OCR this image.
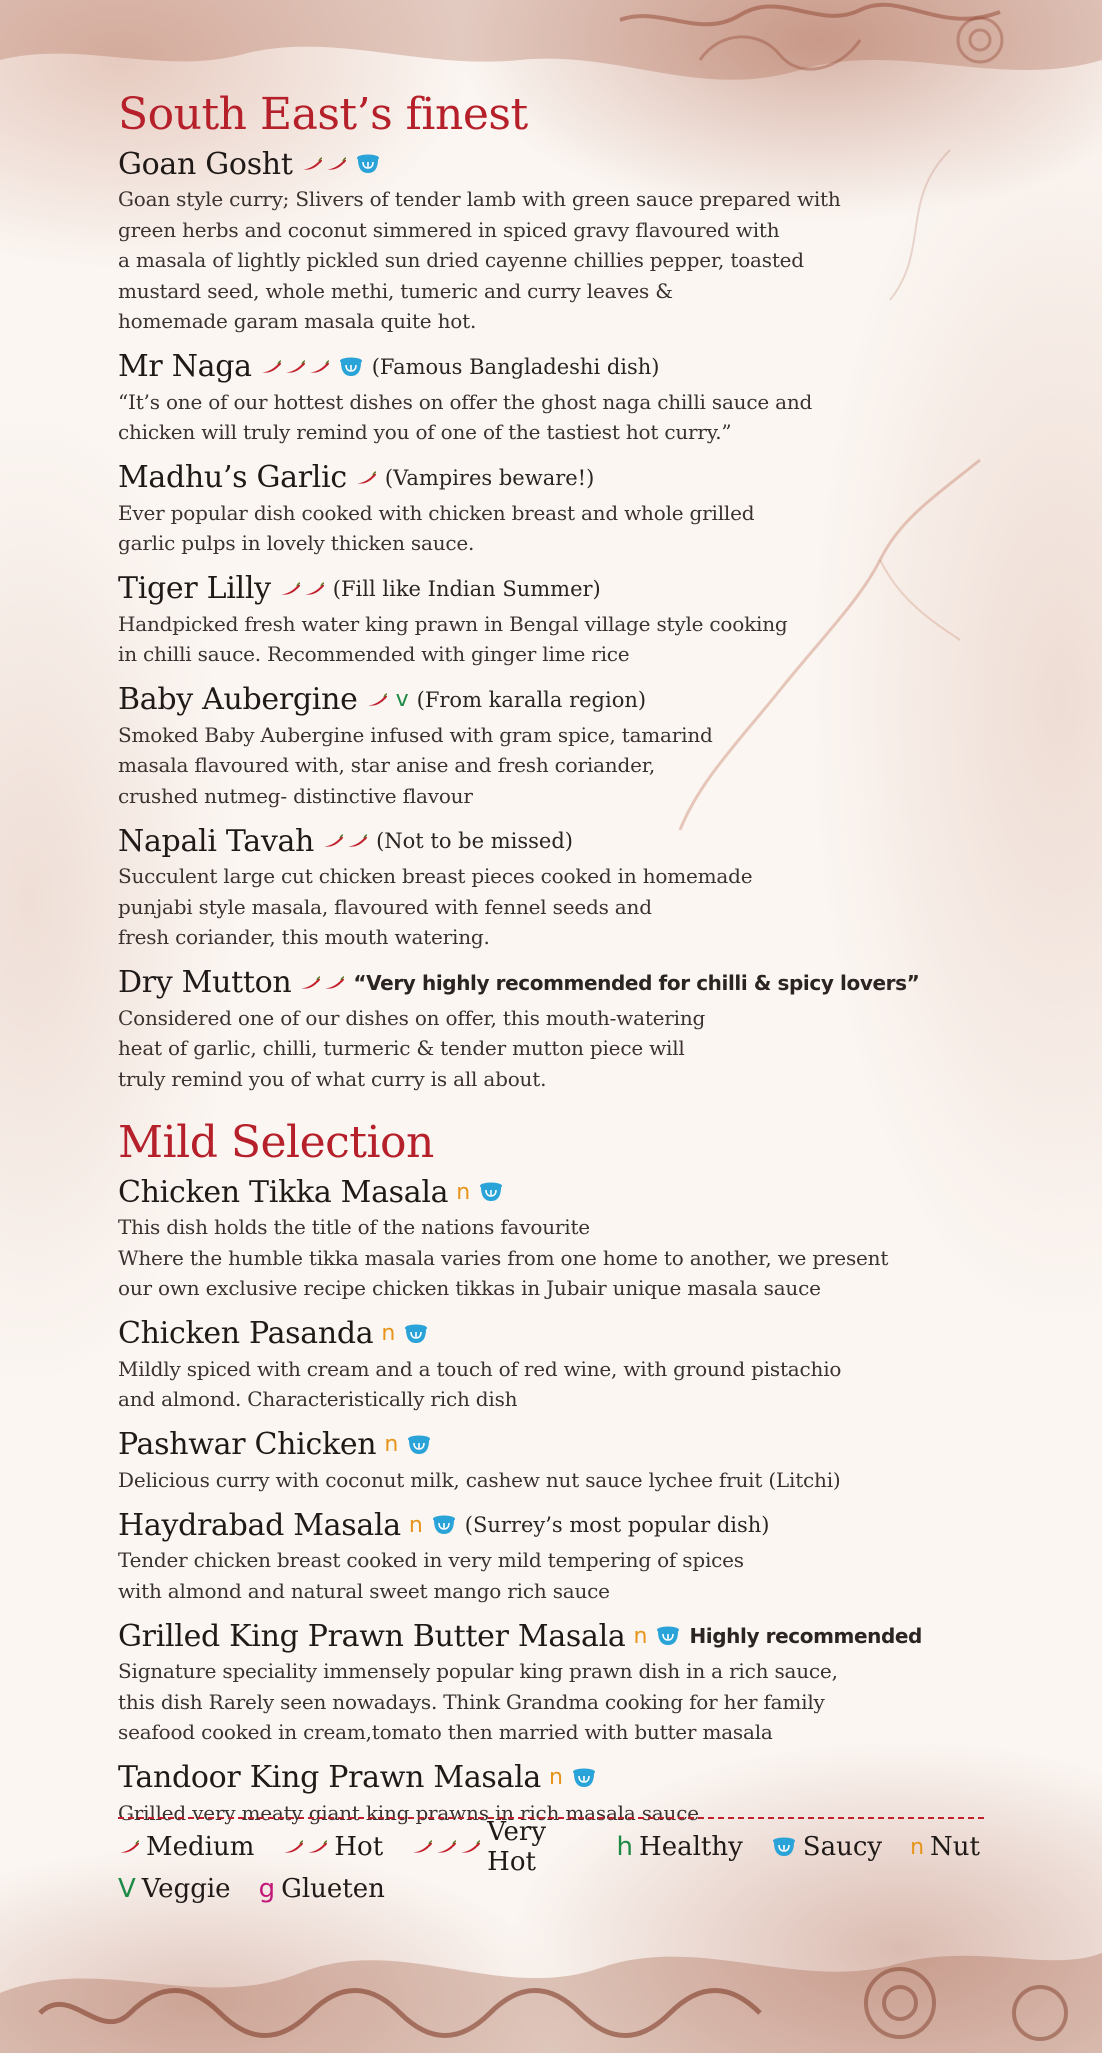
South East’s finest
Goan Gosht
Goan style curry; Slivers of tender lamb with green sauce prepared with
green herbs and coconut simmered in spiced gravy flavoured with
a masala of lightly pickled sun dried cayenne chillies pepper, toasted
mustard seed, whole methi, tumeric and curry leaves &
homemade garam masala quite hot.
Mr Naga	(Famous Bangladeshi dish)
“It’s one of our hottest dishes on offer the ghost naga chilli sauce and
chicken will truly remind you of one of the tastiest hot curry.”
Madhu’s Garlic (Vampires beware!)
Ever popular dish cooked with chicken breast and whole grilled
garlic pulps in lovely thicken sauce.
Tiger Lilly	(Fill like Indian Summer)
Handpicked fresh water king prawn in Bengal village style cooking
in chilli sauce. Recommended with ginger lime rice
Baby Aubergine v (From karalla region)
Smoked Baby Aubergine infused with gram spice, tamarind
masala flavoured with, star anise and fresh coriander,
crushed nutmeg- distinctive flavour
Napali Tavah	(Not to be missed)
Succulent large cut chicken breast pieces cooked in homemade
punjabi style masala, flavoured with fennel seeds and
fresh coriander, this mouth watering.
Dry Mutton	“Very highly recommended for chilli & spicy lovers”
Considered one of our dishes on offer, this mouth-watering
heat of garlic, chilli, turmeric & tender mutton piece will
truly remind you of what curry is all about.
Mild Selection
Chicken Tikka Masala n
This dish holds the title of the nations favourite
Where the humble tikka masala varies from one home to another, we present
our own exclusive recipe chicken tikkas in Jubair unique masala sauce
Chicken Pasanda n
Mildly spiced with cream and a touch of red wine, with ground pistachio
and almond. Characteristically rich dish
Pashwar Chicken n
Delicious curry with coconut milk, cashew nut sauce lychee fruit (Litchi)
Haydrabad Masala n (Surrey’s most popular dish)
Tender chicken breast cooked in very mild tempering of spices
with almond and natural sweet mango rich sauce
Grilled King Prawn Butter Masala n Highly recommended
Signature speciality immensely popular king prawn dish in a rich sauce,
this dish Rarely seen nowadays. Think Grandma cooking for her family
seafood cooked in cream,tomato then married with butter masala
Tandoor King Prawn Masala n
Grilled very meaty giant king prawns in rich masala sauce
Medium	Hot	Very Hot	h Healthy Saucy n Nut
V Veggie g Glueten
